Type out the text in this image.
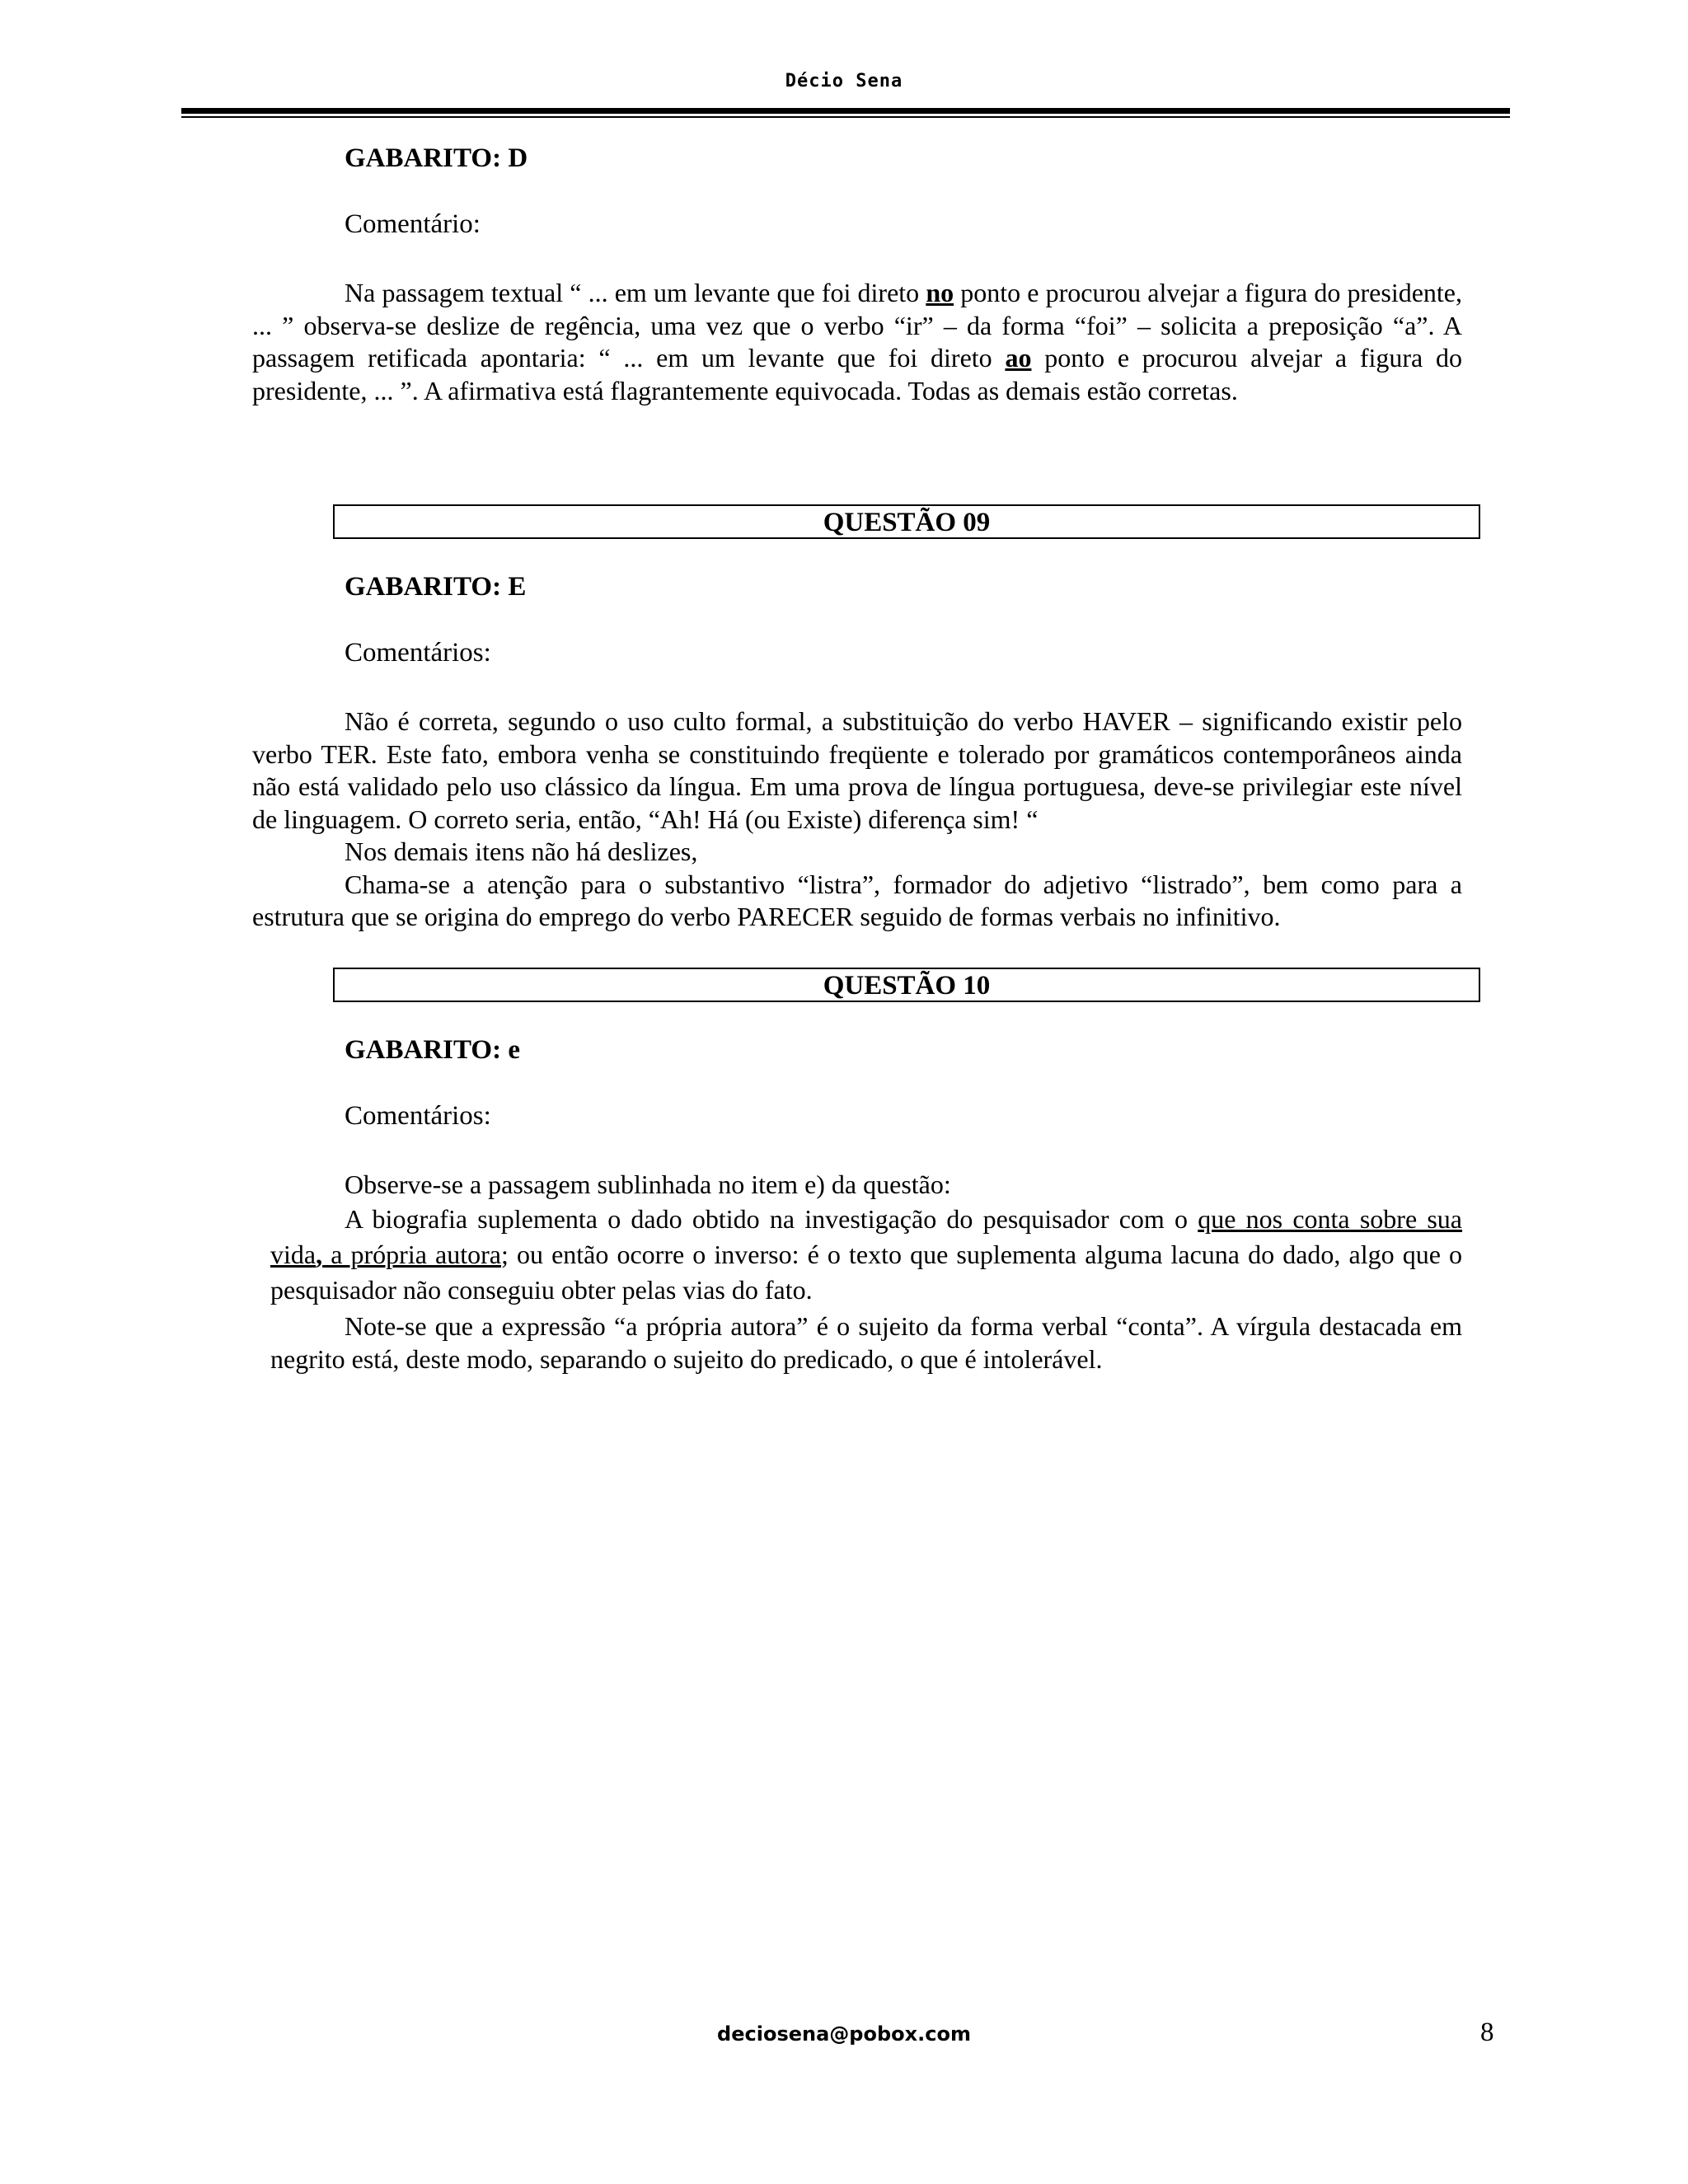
Décio Sena
GABARITO: D
Comentário:

Na passagem textual “ ... em um levante que foi direto no ponto e procurou alvejar a figura do presidente, ... ” observa-se deslize de regência, uma vez que o verbo “ir” – da forma “foi” – solicita a preposição “a”. A passagem retificada apontaria: “ ... em um levante que foi direto ao ponto e procurou alvejar a figura do presidente, ... ”. A afirmativa está flagrantemente equivocada. Todas as demais estão corretas.

QUESTÃO 09
GABARITO: E
Comentários:

Não é correta, segundo o uso culto formal, a substituição do verbo HAVER – significando existir pelo verbo TER. Este fato, embora venha se constituindo freqüente e tolerado por gramáticos contemporâneos ainda não está validado pelo uso clássico da língua. Em uma prova de língua portuguesa, deve-se privilegiar este nível de linguagem. O correto seria, então, “Ah! Há (ou Existe) diferença sim! “

Nos demais itens não há deslizes,

Chama-se a atenção para o substantivo “listra”, formador do adjetivo “listrado”, bem como para a estrutura que se origina do emprego do verbo PARECER seguido de formas verbais no infinitivo.

QUESTÃO 10
GABARITO: e
Comentários:
Observe-se a passagem sublinhada no item e) da questão:

A biografia suplementa o dado obtido na investigação do pesquisador com o que nos conta sobre sua vida, a própria autora; ou então ocorre o inverso: é o texto que suplementa alguma lacuna do dado, algo que o pesquisador não conseguiu obter pelas vias do fato.

Note-se que a expressão “a própria autora” é o sujeito da forma verbal “conta”. A vírgula destacada em negrito está, deste modo, separando o sujeito do predicado, o que é intolerável.

deciosena@pobox.com	8
